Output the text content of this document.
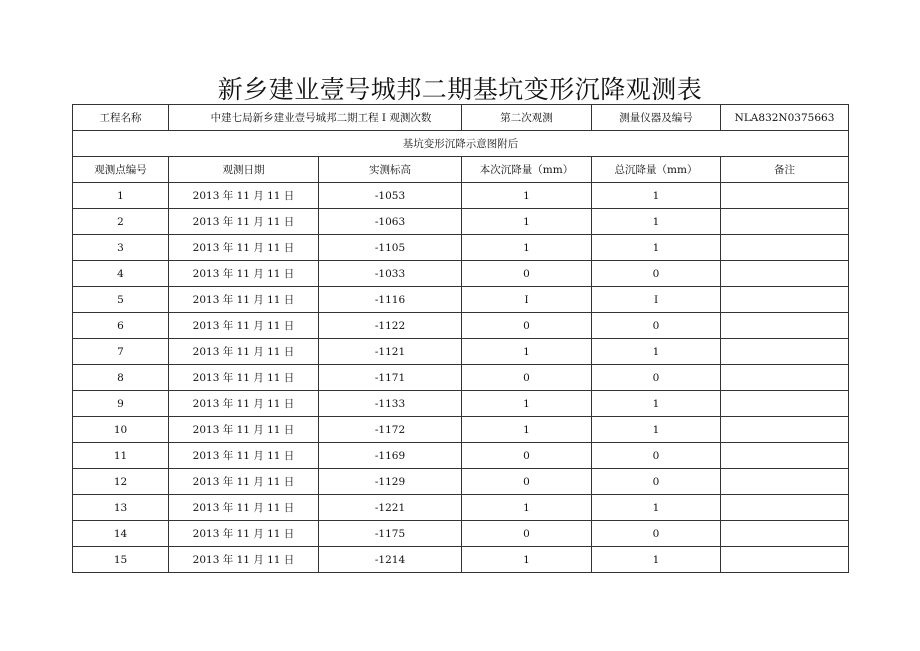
新乡建业壹号城邦二期基坑变形沉降观测表
工程名称	中建七局新乡建业壹号城邦二期工程 I 观测次数		第二次观测	测量仪器及编号	NLA832N0375663
基坑变形沉降示意图附后					
观测点编号	观测日期	实测标高	本次沉降量（mm）	总沉降量（mm）	备注
1	2013 年 11 月 11 日	-1053	1	1	
2	2013 年 11 月 11 日	-1063	1	1	
3	2013 年 11 月 11 日	-1105	1	1	
4	2013 年 11 月 11 日	-1033	0	0	
5	2013 年 11 月 11 日	-1116	I	I	
6	2013 年 11 月 11 日	-1122	0	0	
7	2013 年 11 月 11 日	-1121	1	1	
8	2013 年 11 月 11 日	-1171	0	0	
9	2013 年 11 月 11 日	-1133	1	1	
10	2013 年 11 月 11 日	-1172	1	1	
11	2013 年 11 月 11 日	-1169	0	0	
12	2013 年 11 月 11 日	-1129	0	0	
13	2013 年 11 月 11 日	-1221	1	1	
14	2013 年 11 月 11 日	-1175	0	0	
15	2013 年 11 月 11 日	-1214	1	1	
